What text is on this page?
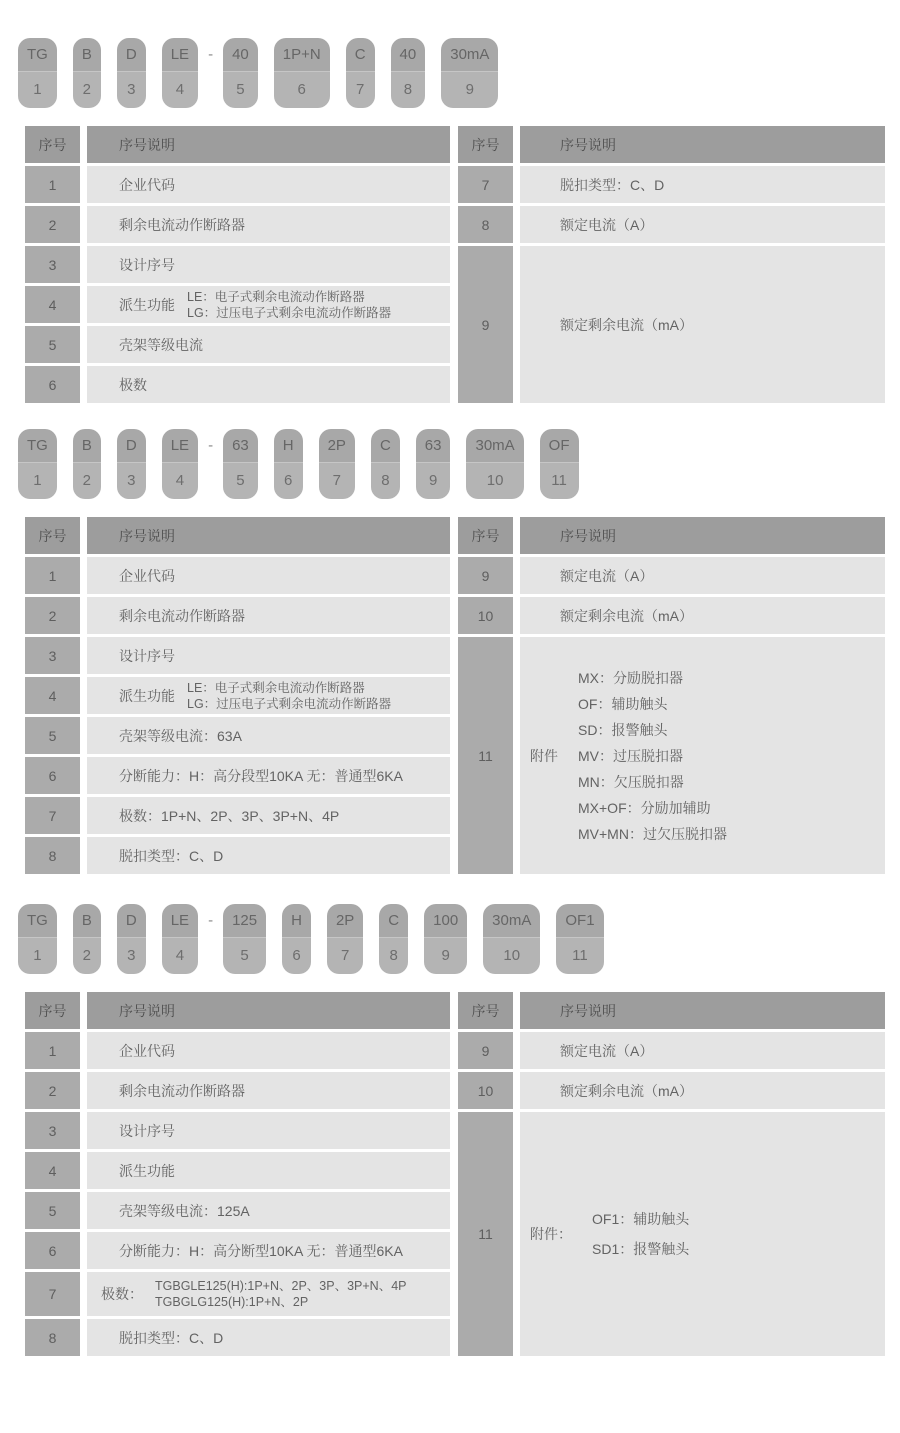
TG
1
B
2
D
3
LE
4
-	40
5
1P+N
6
C
7
40
8
30mA
9
序号	序号说明
1	企业代码
2	剩余电流动作断路器
3	设计序号
4	派生功能 LE：电子式剩余电流动作断路器
LG：过压电子式剩余电流动作断路器
5	壳架等级电流
6	极数
序号	序号说明
7	脱扣类型：C、D
8	额定电流（A）
9	额定剩余电流（mA）
TG
1
B
2
D
3
LE
4
-	63
5
H
6
2P
7
C
8
63
9
30mA
10
OF
11
序号	序号说明
1	企业代码
2	剩余电流动作断路器
3	设计序号
4	派生功能 LE：电子式剩余电流动作断路器
LG：过压电子式剩余电流动作断路器
5	壳架等级电流：63A
6	分断能力：H：高分段型10KA 无：普通型6KA
7	极数：1P+N、2P、3P、3P+N、4P
8	脱扣类型：C、D
序号	序号说明
9	额定电流（A）
10	额定剩余电流（mA）
11	附件
MX：分励脱扣器
OF：辅助触头
SD：报警触头
MV：过压脱扣器
MN：欠压脱扣器
MX+OF：分励加辅助
MV+MN：过欠压脱扣器
TG
1
B
2
D
3
LE
4
-	125
5
H
6
2P
7
C
8
100
9
30mA
10
OF1
11
序号	序号说明
1	企业代码
2	剩余电流动作断路器
3	设计序号
4	派生功能
5	壳架等级电流：125A
6	分断能力：H：高分断型10KA 无：普通型6KA
7	极数： TGBGLE125(H):1P+N、2P、3P、3P+N、4P
TGBGLG125(H):1P+N、2P
8	脱扣类型：C、D
序号	序号说明
9	额定电流（A）
10	额定剩余电流（mA）
11	附件：
OF1：辅助触头
SD1：报警触头
